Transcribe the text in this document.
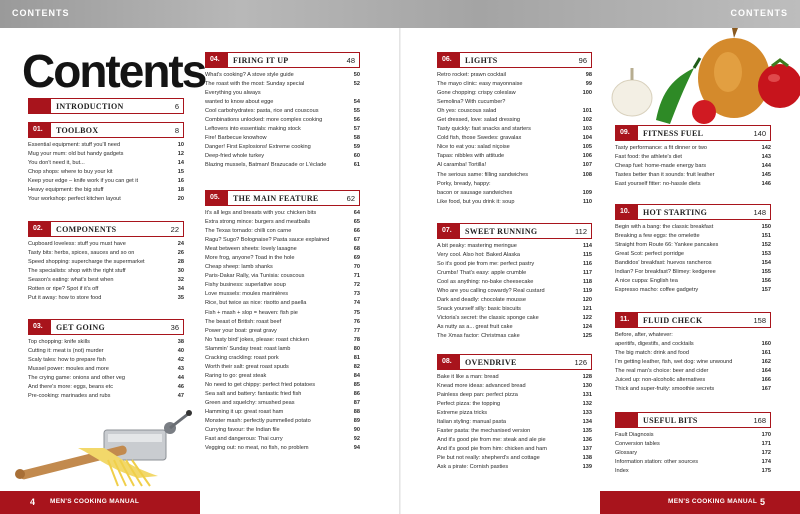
CONTENTS	CONTENTS
Contents
INTRODUCTION	6
01.	TOOLBOX	8
Essential equipment: stuff you'll need	10
Mug your mum: old but handy gadgets	12
You don't need it, but...	14
Chop shops: where to buy your kit	15
Keep your edge – knife work if you can get it	16
Heavy equipment: the big stuff	18
Your workshop: perfect kitchen layout	20
02.	COMPONENTS	22
Cupboard loveless: stuff you must have	24
Tasty bits: herbs, spices, sauces and so on	26
Speed shopping: supercharge the supermarket	28
The specialists: shop with the right stuff	30
Season's eating: what's best when	32
Rotten or ripe? Spot if it's off	34
Put it away: how to store food	35
03.	GET GOING	36
Top chopping: knife skills	38
Cutting it: meat is (not) murder	40
Scaly tales: how to prepare fish	42
Mussel power: moules and more	43
The crying game: onions and other veg	44
And there's more: eggs, beans etc	46
Pre-cooking: marinades and rubs	47
04.	FIRING IT UP	48
What's cooking? A stove style guide	50
The roast with the most: Sunday special	52
Everything you always
wanted to know about egge	54
Cool carbohydrates: pasta, rice and couscous	55
Combinations unlocked: more complex cooking	56
Leftovers into essentials: making stock	57
Fire! Barbecue knowhow	58
Danger! First Explosions! Extreme cooking	59
Deep-fried whole turkey	60
Blazing mussels, Batman! Brazucade or L'éclade	61
05.	THE MAIN FEATURE	62
It's all legs and breasts with you: chicken bits	64
Extra strong mince: burgers and meatballs	65
The Texas tornado: chilli con carne	66
Ragu? Sugo? Bolognaise? Pasta sauce explained	67
Meat between sheets: lovely lasagne	68
More frog, anyone? Toad in the hole	69
Cheap sheep: lamb shanks	70
Paris-Dakar Rally, via Tunisia: couscous	71
Fishy business: superlative soup	72
Love mussels: moules marinières	73
Rice, but twice as nice: risotto and paella	74
Fish + mash + slop = heaven: fish pie	75
The beast of British: roast beef	76
Power your boat: great gravy	77
No 'tasty bird' jokes, please: roast chicken	78
Slammin' Sunday treat: roast lamb	80
Cracking crackling: roast pork	81
Worth their salt: great roast spuds	82
Raring to go: great steak	84
No need to get chippy: perfect fried potatoes	85
Sea salt and battery: fantastic fried fish	86
Green and squelchy: smushed peas	87
Hamming it up: great roast ham	88
Monster mash: perfectly pummelled potato	89
Currying favour: the Indian file	90
Fast and dangerous: Thai curry	92
Vegging out: no meat, no fish, no problem	94
06.	LIGHTS	96
Retro rocket: prawn cocktail	98
The mayo clinic: easy mayonnaise	99
Gone chopping: crispy coleslaw	100
Semolina? With cucumber?
Oh yes: couscous salad	101
Get dressed, love: salad dressing	102
Tasty quickly: fast snacks and starters	103
Cold fish, those Swedes: gravalax	104
Nice to eat you: salad niçoise	105
Tapas: nibbles with attitude	106
Al caramba! Tortilla!	107
The serious same: filling sandwiches	108
Porky, bready, happy:
bacon or sausage sandwiches	109
Like food, but you drink it: soup	110
07.	SWEET RUNNING	112
A bit peaky: mastering meringue	114
Very cool. Also hot: Baked Alaska	115
So it's good pie from me: perfect pastry	116
Crumbs! That's easy: apple crumble	117
Cool as anything: no-bake cheesecake	118
Who are you calling cowardy? Real custard	119
Dark and deadly: chocolate mousse	120
Snack yourself silly: basic biscuits	121
Victoria's secret: the classic sponge cake	122
As nutty as a... great fruit cake	124
The Xmas factor: Christmas cake	125
08.	OVENDRIVE	126
Bake it like a man: bread	128
Knead more ideas: advanced bread	130
Painless deep pan: perfect pizza	131
Perfect pizza: the topping	132
Extreme pizza tricks	133
Italian styling: manual pasta	134
Faster pasta: the mechanised version	135
And it's good pie from me: steak and ale pie	136
And it's good pie from him: chicken and ham	137
Pie but not really: shepherd's and cottage	138
Ask a pirate: Cornish pasties	139
09.	FITNESS FUEL	140
Tasty performance: a fit dinner or two	142
Fast food: the athlete's diet	143
Cheap fuel: home-made energy bars	144
Tastes better than it sounds: fruit leather	145
East yourself fitter: no-hassle diets	146
10.	HOT STARTING	148
Begin with a bang: the classic breakfast	150
Breaking a few eggs: the omelette	151
Straight from Route 66: Yankee pancakes	152
Great Scot: perfect porridge	153
Bandidos' breakfast: huevos rancheros	154
Indian? For breakfast? Blimey: kedgeree	155
A nice cuppa: English tea	156
Espresso macho: coffee gadgetry	157
11.	FLUID CHECK	158
Before, after, whatever:
aperitifs, digestifs, and cocktails	160
The big match: drink and food	161
I'm getting leather, fish, wet dog: wine unwound	162
The real man's choice: beer and cider	164
Juiced up: non-alcoholic alternatives	166
Thick and super-fruity: smoothie secrets	167
USEFUL BITS	168
Fault Diagnosis	170
Conversion tables	171
Glossary	172
Information station: other sources	174
Index	175
4 MEN'S COOKING MANUAL	MEN'S COOKING MANUAL 5
